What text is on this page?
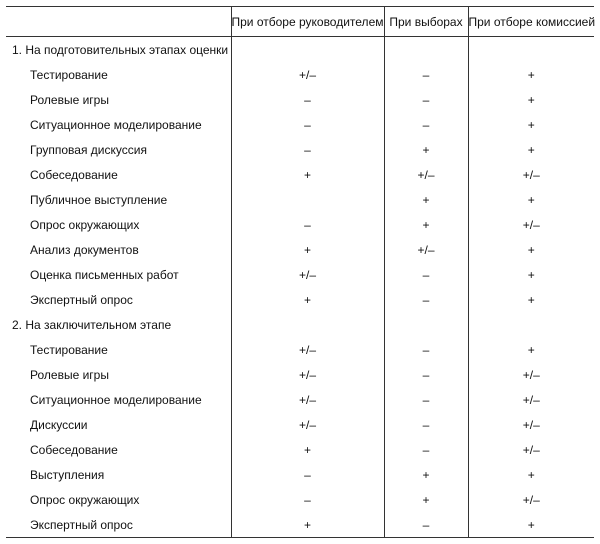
	При отборе руководителем	При выборах	При отборе комиссией
1. На подготовительных этапах оценки			
Тестирование	+/–	–	+
Ролевые игры	–	–	+
Ситуационное моделирование	–	–	+
Групповая дискуссия	–	+	+
Собеседование	+	+/–	+/–
Публичное выступление		+	+
Опрос окружающих	–	+	+/–
Анализ документов	+	+/–	+
Оценка письменных работ	+/–	–	+
Экспертный опрос	+	–	+
2. На заключительном этапе			
Тестирование	+/–	–	+
Ролевые игры	+/–	–	+/–
Ситуационное моделирование	+/–	–	+/–
Дискуссии	+/–	–	+/–
Собеседование	+	–	+/–
Выступления	–	+	+
Опрос окружающих	–	+	+/–
Экспертный опрос	+	–	+
